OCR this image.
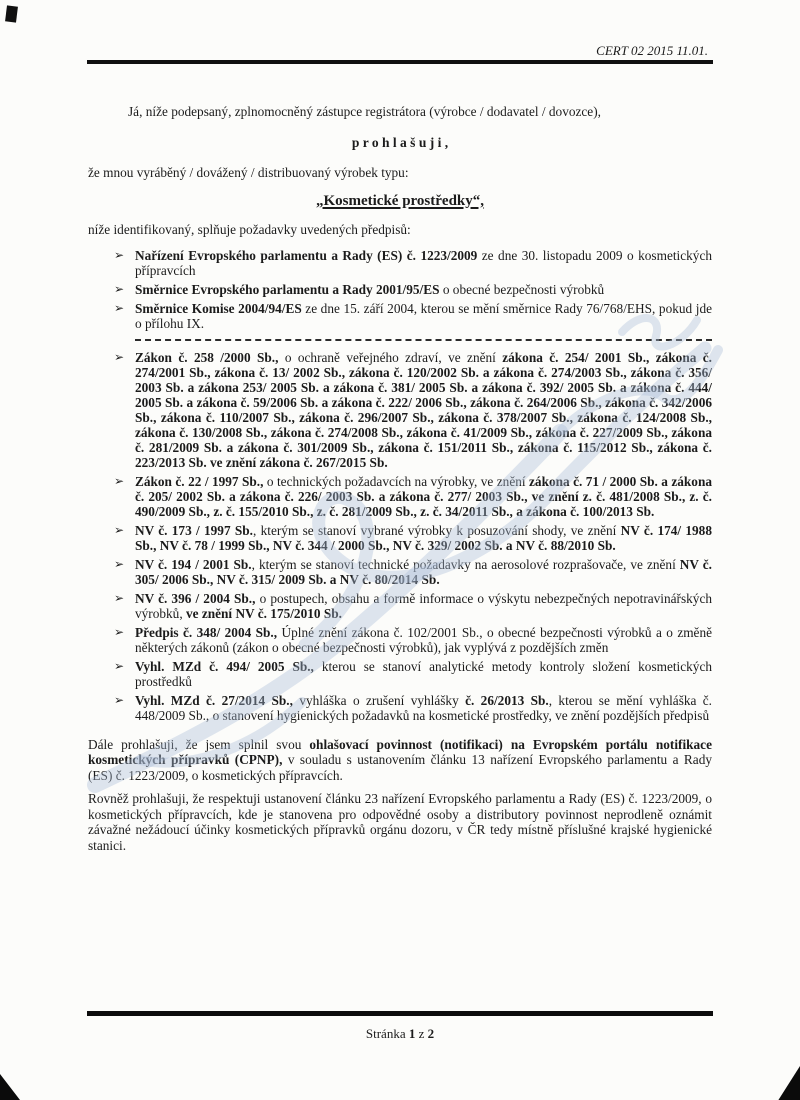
CERT 02 2015 11.01.

Já, níže podepsaný, zplnomocněný zástupce registrátora (výrobce / dodavatel / dovozce),

p r o h l a š u j i ,

že mnou vyráběný / dovážený / distribuovaný výrobek typu:

„Kosmetické prostředky“,

níže identifikovaný, splňuje požadavky uvedených předpisů:

➢ Nařízení Evropského parlamentu a Rady (ES) č. 1223/2009 ze dne 30. listopadu 2009 o kosmetických přípravcích
➢ Směrnice Evropského parlamentu a Rady 2001/95/ES o obecné bezpečnosti výrobků
➢ Směrnice Komise 2004/94/ES ze dne 15. září 2004, kterou se mění směrnice Rady 76/768/EHS, pokud jde o přílohu IX.
➢ Zákon č. 258 /2000 Sb., o ochraně veřejného zdraví, ve znění zákona č. 254/ 2001 Sb., zákona č. 274/2001 Sb., zákona č. 13/ 2002 Sb., zákona č. 120/2002 Sb. a zákona č. 274/2003 Sb., zákona č. 356/ 2003 Sb. a zákona 253/ 2005 Sb. a zákona č. 381/ 2005 Sb. a zákona č. 392/ 2005 Sb. a zákona č. 444/ 2005 Sb. a zákona č. 59/2006 Sb. a zákona č. 222/ 2006 Sb., zákona č. 264/2006 Sb., zákona č. 342/2006 Sb., zákona č. 110/2007 Sb., zákona č. 296/2007 Sb., zákona č. 378/2007 Sb., zákona č. 124/2008 Sb., zákona č. 130/2008 Sb., zákona č. 274/2008 Sb., zákona č. 41/2009 Sb., zákona č. 227/2009 Sb., zákona č. 281/2009 Sb. a zákona č. 301/2009 Sb., zákona č. 151/2011 Sb., zákona č. 115/2012 Sb., zákona č. 223/2013 Sb. ve znění zákona č. 267/2015 Sb.
➢ Zákon č. 22 / 1997 Sb., o technických požadavcích na výrobky, ve znění zákona č. 71 / 2000 Sb. a zákona č. 205/ 2002 Sb. a zákona č. 226/ 2003 Sb. a zákona č. 277/ 2003 Sb., ve znění z. č. 481/2008 Sb., z. č. 490/2009 Sb., z. č. 155/2010 Sb., z. č. 281/2009 Sb., z. č. 34/2011 Sb., a zákona č. 100/2013 Sb.
➢ NV č. 173 / 1997 Sb., kterým se stanoví vybrané výrobky k posuzování shody, ve znění NV č. 174/ 1988 Sb., NV č. 78 / 1999 Sb., NV č. 344 / 2000 Sb., NV č. 329/ 2002 Sb. a NV č. 88/2010 Sb.
➢ NV č. 194 / 2001 Sb., kterým se stanoví technické požadavky na aerosolové rozprašovače, ve znění NV č. 305/ 2006 Sb., NV č. 315/ 2009 Sb. a NV č. 80/2014 Sb.
➢ NV č. 396 / 2004 Sb., o postupech, obsahu a formě informace o výskytu nebezpečných nepotravinářských výrobků, ve znění NV č. 175/2010 Sb.
➢ Předpis č. 348/ 2004 Sb., Úplné znění zákona č. 102/2001 Sb., o obecné bezpečnosti výrobků a o změně některých zákonů (zákon o obecné bezpečnosti výrobků), jak vyplývá z pozdějších změn
➢ Vyhl. MZd č. 494/ 2005 Sb., kterou se stanoví analytické metody kontroly složení kosmetických prostředků
➢ Vyhl. MZd č. 27/2014 Sb., vyhláška o zrušení vyhlášky č. 26/2013 Sb., kterou se mění vyhláška č. 448/2009 Sb., o stanovení hygienických požadavků na kosmetické prostředky, ve znění pozdějších předpisů

Dále prohlašuji, že jsem splnil svou ohlašovací povinnost (notifikaci) na Evropském portálu notifikace kosmetických přípravků (CPNP), v souladu s ustanovením článku 13 nařízení Evropského parlamentu a Rady (ES) č. 1223/2009, o kosmetických přípravcích.

Rovněž prohlašuji, že respektuji ustanovení článku 23 nařízení Evropského parlamentu a Rady (ES) č. 1223/2009, o kosmetických přípravcích, kde je stanovena pro odpovědné osoby a distributory povinnost neprodleně oznámit závažné nežádoucí účinky kosmetických přípravků orgánu dozoru, v ČR tedy místně příslušné krajské hygienické stanici.

Stránka 1 z 2
